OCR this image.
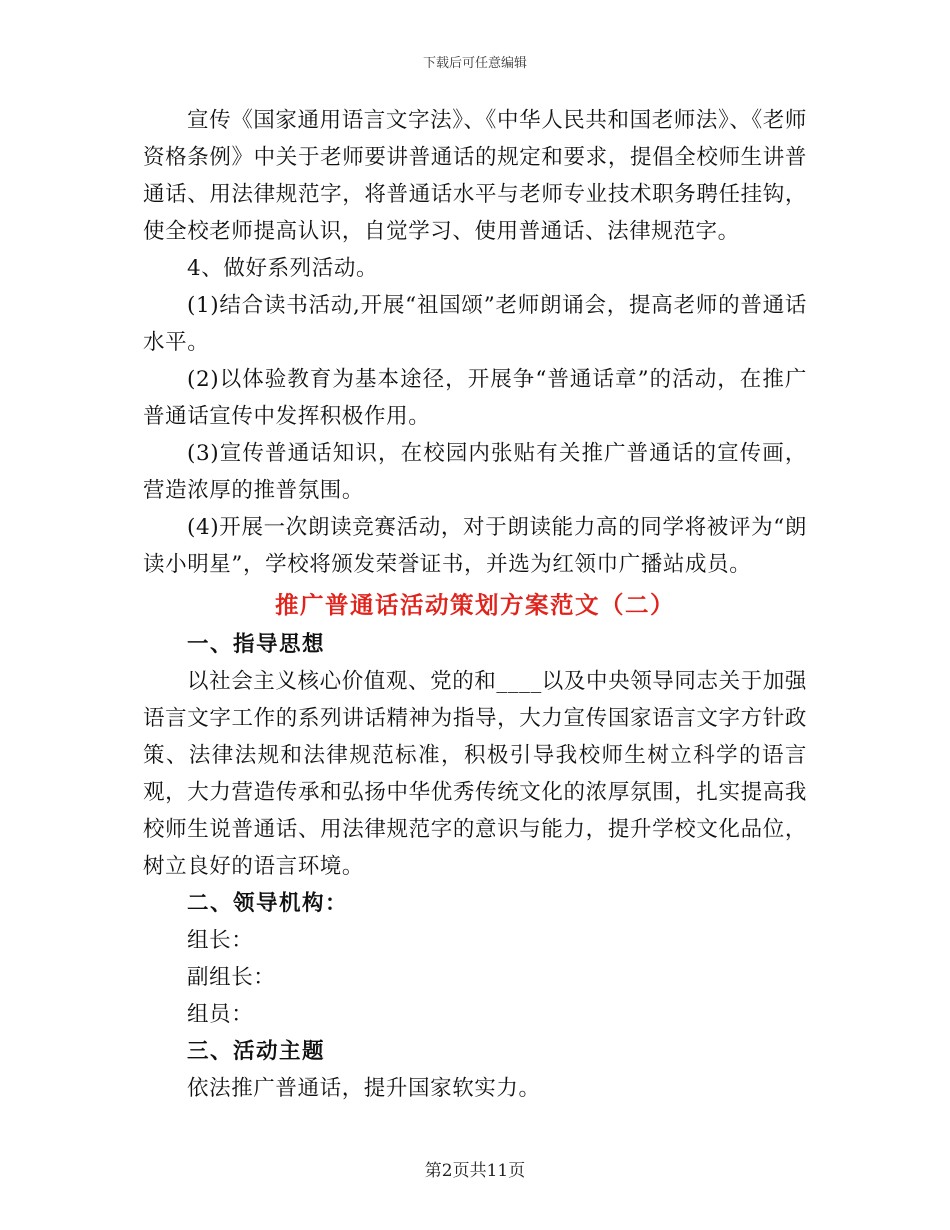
下载后可任意编辑

宣传《国家通用语言文字法》、《中华人民共和国老师法》、《老师资格条例》中关于老师要讲普通话的规定和要求，提倡全校师生讲普通话、用法律规范字，将普通话水平与老师专业技术职务聘任挂钩，使全校老师提高认识，自觉学习、使用普通话、法律规范字。

4、做好系列活动。

(1)结合读书活动,开展“祖国颂”老师朗诵会，提高老师的普通话水平。

(2)以体验教育为基本途径，开展争“普通话章”的活动，在推广普通话宣传中发挥积极作用。

(3)宣传普通话知识，在校园内张贴有关推广普通话的宣传画，营造浓厚的推普氛围。

(4)开展一次朗读竞赛活动，对于朗读能力高的同学将被评为“朗读小明星”，学校将颁发荣誉证书，并选为红领巾广播站成员。

推广普通话活动策划方案范文（二）

一、指导思想

以社会主义核心价值观、党的和____以及中央领导同志关于加强语言文字工作的系列讲话精神为指导，大力宣传国家语言文字方针政策、法律法规和法律规范标准，积极引导我校师生树立科学的语言观，大力营造传承和弘扬中华优秀传统文化的浓厚氛围，扎实提高我校师生说普通话、用法律规范字的意识与能力，提升学校文化品位，树立良好的语言环境。

二、领导机构：

组长：

副组长：

组员：

三、活动主题

依法推广普通话，提升国家软实力。

第2页共11页
